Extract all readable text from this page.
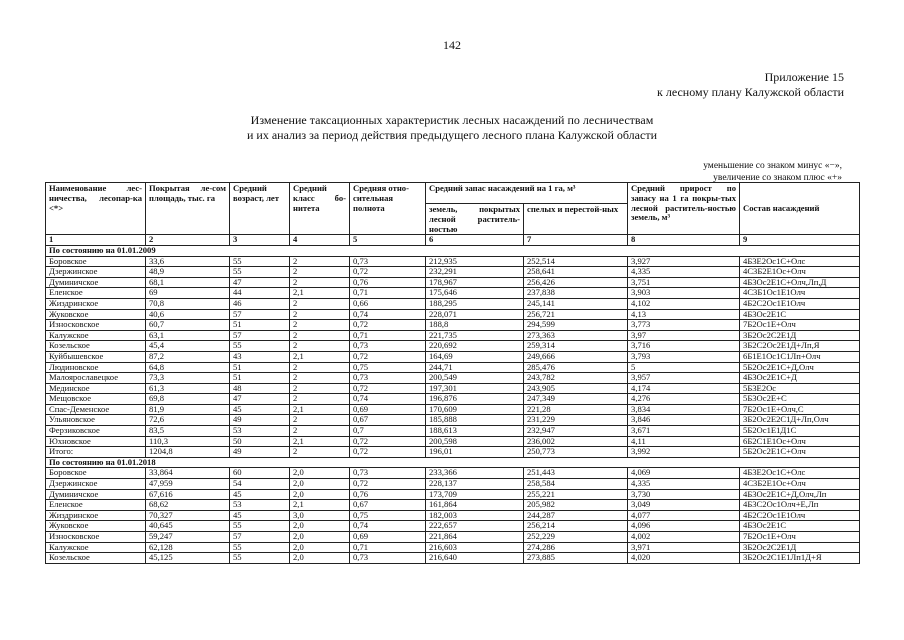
142
Приложение 15
к лесному плану Калужской области
Изменение таксационных характеристик лесных насаждений по лесничествам
и их анализ за период действия предыдущего лесного плана Калужской области
уменьшение со знаком минус «−»,
увеличение со знаком плюс «+»
Наименование лес-ничества, лесопар-ка <*>	Покрытая ле-сом площадь, тыс. га	Средний возраст, лет	Средний класс бо-нитета	Средняя отно-сительная полнота	Средний запас насаждений на 1 га, м³		Средний прирост по запасу на 1 га покры-тых лесной раститель-ностью земель, м³	Состав насаждений
					земель, покрытых лесной раститель-ностью	спелых и перестой-ных		
1	2	3	4	5	6	7	8	9
По состоянию на 01.01.2009								
Боровское	33,6	55	2	0,73	212,935	252,514	3,927	4Б3Е2Ос1С+Олс
Дзержинское	48,9	55	2	0,72	232,291	258,641	4,335	4С3Б2Е1Ос+Олч
Думиничское	68,1	47	2	0,76	178,967	256,426	3,751	4Б3Ос2Е1С+Олч,Лп,Д
Еленское	69	44	2,1	0,71	175,646	237,838	3,903	4С3Б1Ос1Е1Олч
Жиздринское	70,8	46	2	0,66	188,295	245,141	4,102	4Б2С2Ос1Е1Олч
Жуковское	40,6	57	2	0,74	228,071	256,721	4,13	4Б3Ос2Е1С
Износковское	60,7	51	2	0,72	188,8	294,599	3,773	7Б2Ос1Е+Олч
Калужское	63,1	57	2	0,71	221,735	273,363	3,97	3Б2Ос2С2Е1Д
Козельское	45,4	55	2	0,73	220,692	259,314	3,716	3Б2С2Ос2Е1Д+Лп,Я
Куйбышевское	87,2	43	2,1	0,72	164,69	249,666	3,793	6Б1Е1Ос1С1Лп+Олч
Людиновское	64,8	51	2	0,75	244,71	285,476	5	5Б2Ос2Е1С+Д,Олч
Малоярославецкое	73,3	51	2	0,73	200,549	243,782	3,957	4Б3Ос2Е1С+Д
Мединское	61,3	48	2	0,72	197,301	243,905	4,174	5Б3Е2Ос
Мещовское	69,8	47	2	0,74	196,876	247,349	4,276	5Б3Ос2Е+С
Спас-Деменское	81,9	45	2,1	0,69	170,609	221,28	3,834	7Б2Ос1Е+Олч,С
Ульяновское	72,6	49	2	0,67	185,888	231,229	3,846	3Б2Ос2Е2С1Д+Лп,Олч
Ферзиковское	83,5	53	2	0,7	188,613	232,947	3,671	5Б2Ос1Е1Д1С
Юхновское	110,3	50	2,1	0,72	200,598	236,002	4,11	6Б2С1Е1Ос+Олч
Итого:	1204,8	49	2	0,72	196,01	250,773	3,992	5Б2Ос2Е1С+Олч
По состоянию на 01.01.2018								
Боровское	33,864	60	2,0	0,73	233,366	251,443	4,069	4Б3Е2Ос1С+Олс
Дзержинское	47,959	54	2,0	0,72	228,137	258,584	4,335	4С3Б2Е1Ос+Олч
Думиничское	67,616	45	2,0	0,76	173,709	255,221	3,730	4Б3Ос2Е1С+Д,Олч,Лп
Еленское	68,62	53	2,1	0,67	161,864	205,982	3,049	4Б3С2Ос1Олч+Е,Лп
Жиздринское	70,327	45	3,0	0,75	182,003	244,287	4,077	4Б2С2Ос1Е1Олч
Жуковское	40,645	55	2,0	0,74	222,657	256,214	4,096	4Б3Ос2Е1С
Износковское	59,247	57	2,0	0,69	221,864	252,229	4,002	7Б2Ос1Е+Олч
Калужское	62,128	55	2,0	0,71	216,603	274,286	3,971	3Б2Ос2С2Е1Д
Козельское	45,125	55	2,0	0,73	216,640	273,885	4,020	3Б2Ос2С1Е1Лп1Д+Я
